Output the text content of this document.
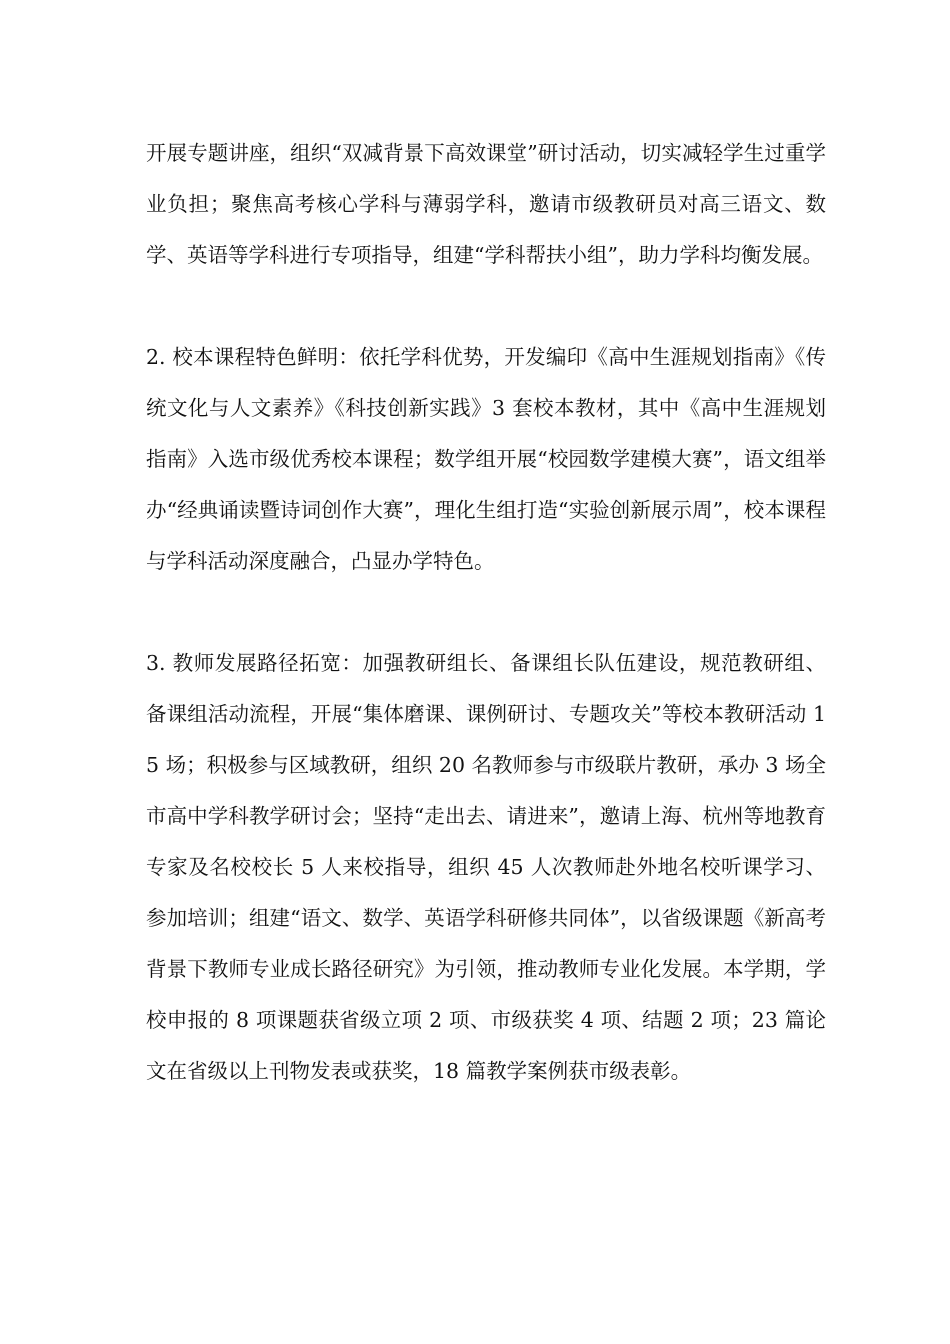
开展专题讲座，组织“双减背景下高效课堂”研讨活动，切实减轻学生过重学业负担；聚焦高考核心学科与薄弱学科，邀请市级教研员对高三语文、数学、英语等学科进行专项指导，组建“学科帮扶小组”，助力学科均衡发展。

2. 校本课程特色鲜明：依托学科优势，开发编印《高中生涯规划指南》《传统文化与人文素养》《科技创新实践》3 套校本教材，其中《高中生涯规划指南》入选市级优秀校本课程；数学组开展“校园数学建模大赛”，语文组举办“经典诵读暨诗词创作大赛”，理化生组打造“实验创新展示周”，校本课程与学科活动深度融合，凸显办学特色。

3. 教师发展路径拓宽：加强教研组长、备课组长队伍建设，规范教研组、备课组活动流程，开展“集体磨课、课例研讨、专题攻关”等校本教研活动 15 场；积极参与区域教研，组织 20 名教师参与市级联片教研，承办 3 场全市高中学科教学研讨会；坚持“走出去、请进来”，邀请上海、杭州等地教育专家及名校校长 5 人来校指导，组织 45 人次教师赴外地名校听课学习、参加培训；组建“语文、数学、英语学科研修共同体”，以省级课题《新高考背景下教师专业成长路径研究》为引领，推动教师专业化发展。本学期，学校申报的 8 项课题获省级立项 2 项、市级获奖 4 项、结题 2 项；23 篇论文在省级以上刊物发表或获奖，18 篇教学案例获市级表彰。
